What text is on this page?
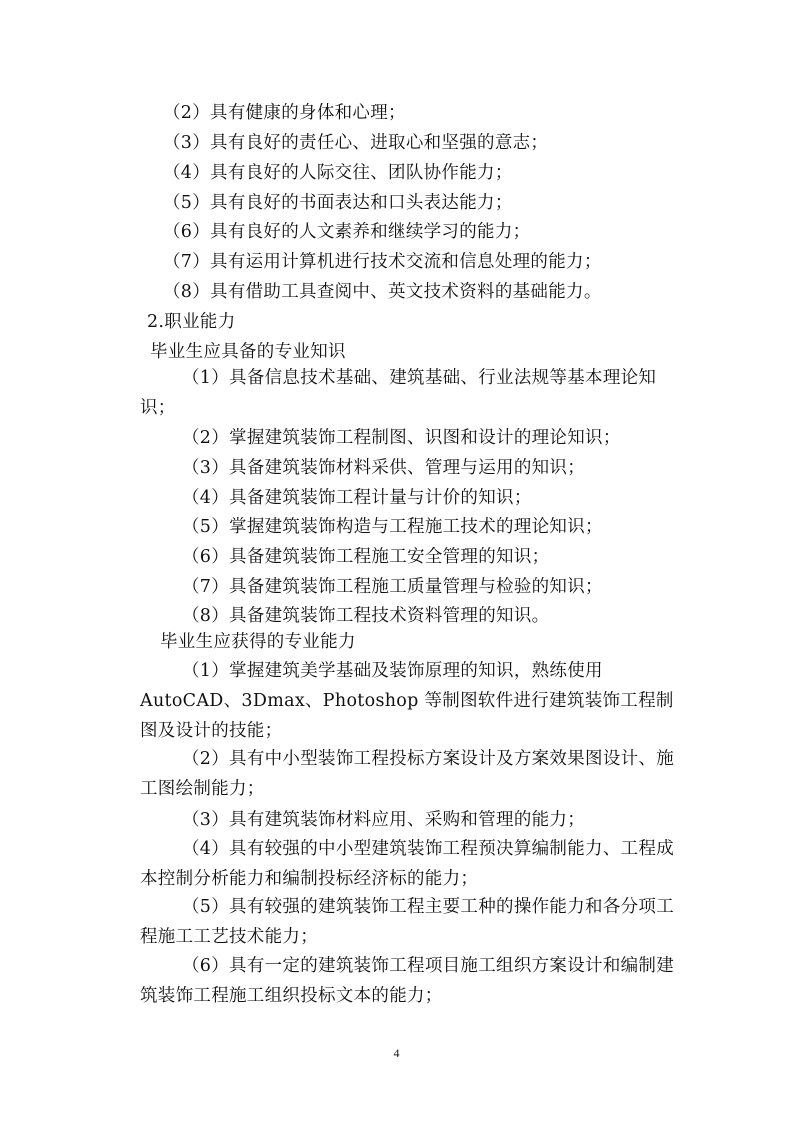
（2）具有健康的身体和心理；
（3）具有良好的责任心、进取心和坚强的意志；
（4）具有良好的人际交往、团队协作能力；
（5）具有良好的书面表达和口头表达能力；
（6）具有良好的人文素养和继续学习的能力；
（7）具有运用计算机进行技术交流和信息处理的能力；
（8）具有借助工具查阅中、英文技术资料的基础能力。
2.职业能力
毕业生应具备的专业知识
（1）具备信息技术基础、建筑基础、行业法规等基本理论知识；
（2）掌握建筑装饰工程制图、识图和设计的理论知识；
（3）具备建筑装饰材料采供、管理与运用的知识；
（4）具备建筑装饰工程计量与计价的知识；
（5）掌握建筑装饰构造与工程施工技术的理论知识；
（6）具备建筑装饰工程施工安全管理的知识；
（7）具备建筑装饰工程施工质量管理与检验的知识；
（8）具备建筑装饰工程技术资料管理的知识。
毕业生应获得的专业能力
（1）掌握建筑美学基础及装饰原理的知识，熟练使用AutoCAD、3Dmax、Photoshop 等制图软件进行建筑装饰工程制图及设计的技能；
（2）具有中小型装饰工程投标方案设计及方案效果图设计、施工图绘制能力；
（3）具有建筑装饰材料应用、采购和管理的能力；
（4）具有较强的中小型建筑装饰工程预决算编制能力、工程成本控制分析能力和编制投标经济标的能力；
（5）具有较强的建筑装饰工程主要工种的操作能力和各分项工程施工工艺技术能力；
（6）具有一定的建筑装饰工程项目施工组织方案设计和编制建筑装饰工程施工组织投标文本的能力；
4
